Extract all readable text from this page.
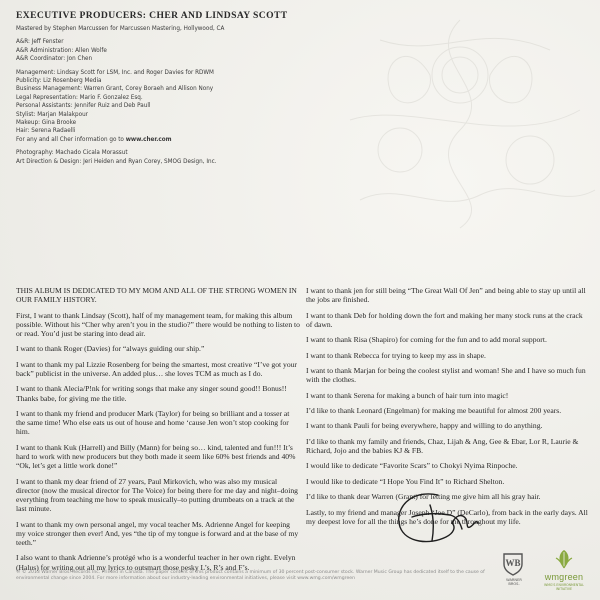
EXECUTIVE PRODUCERS: CHER AND LINDSAY SCOTT
Mastered by Stephen Marcussen for Marcussen Mastering, Hollywood, CA
A&R: Jeff Fenster
A&R Administration: Allen Wolfe
A&R Coordinator: Jon Chen
Management: Lindsay Scott for LSM, Inc. and Roger Davies for RDWM
Publicity: Liz Rosenberg Media
Business Management: Warren Grant, Corey Boraeh and Allison Nony
Legal Representation: Mario F. Gonzalez Esq.
Personal Assistants: Jennifer Ruiz and Deb Paull
Stylist: Marjan Malakpour
Makeup: Gina Brooke
Hair: Serena Radaelli
For any and all Cher information go to www.cher.com
Photography: Machado Cicala Morassut
Art Direction & Design: Jeri Heiden and Ryan Corey, SMOG Design, Inc.

THIS ALBUM IS DEDICATED TO MY MOM AND ALL OF THE STRONG WOMEN IN OUR FAMILY HISTORY.

First, I want to thank Lindsay (Scott), half of my management team, for making this album possible. Without his “Cher why aren’t you in the studio?” there would be nothing to listen to or read. You’d just be staring into dead air.

I want to thank Roger (Davies) for “always guiding our ship.”

I want to thank my pal Lizzie Rosenberg for being the smartest, most creative “I’ve got your back” publicist in the universe. An added plus… she loves TCM as much as I do.

I want to thank Alecia/P!nk for writing songs that make any singer sound good!! Bonus!! Thanks babe, for giving me the title.

I want to thank my friend and producer Mark (Taylor) for being so brilliant and a tosser at the same time! Who else eats us out of house and home ‘cause Jen won’t stop cooking for him.

I want to thank Kuk (Harrell) and Billy (Mann) for being so… kind, talented and fun!!! It’s hard to work with new producers but they both made it seem like 60% best friends and 40% “Ok, let’s get a little work done!”

I want to thank my dear friend of 27 years, Paul Mirkovich, who was also my musical director (now the musical director for The Voice) for being there for me day and night–doing everything from teaching me how to speak musically–to putting drumbeats on a track at the last minute.

I want to thank my own personal angel, my vocal teacher Ms. Adrienne Angel for keeping my voice stronger then ever! And, yes “the tip of my tongue is forward and at the base of my teeth.”

I also want to thank Adrienne’s protégé who is a wonderful teacher in her own right. Evelyn (Halus) for writing out all my lyrics to outsmart those pesky L’s, R’s and F’s.

I want to thank jen for still being “The Great Wall Of Jen” and being able to stay up until all the jobs are finished.

I want to thank Deb for holding down the fort and making her many stock runs at the crack of dawn.

I want to thank Risa (Shapiro) for coming for the fun and to add moral support.

I want to thank Rebecca for trying to keep my ass in shape.

I want to thank Marjan for being the coolest stylist and woman! She and I have so much fun with the clothes.

I want to thank Serena for making a bunch of hair turn into magic!

I’d like to thank Leonard (Engelman) for making me beautiful for almost 200 years.

I want to thank Pauli for being everywhere, happy and willing to do anything.

I’d like to thank my family and friends, Chaz, Lijah & Ang, Gee & Ebar, Lor R, Laurie & Richard, Jojo and the babies KJ & FB.

I would like to dedicate “Favorite Scars” to Chokyi Nyima Rinpoche.

I would like to dedicate “I Hope You Find It” to Richard Shelton.

I’d like to thank dear Warren (Grant) for letting me give him all his gray hair.

Lastly, to my friend and manager Joseph “Joe D” (DeCarlo), from back in the early days. All my deepest love for all the things he’s done for me throughout my life.

℗ © 2013 Warner Bros. Records Inc. Printed in Canada. The paper content of this product contains a minimum of 30 percent post-consumer stock. Warner Music Group has dedicated itself to the cause of environmental change since 2004. For more information about our industry-leading environmental initiatives, please visit www.wmg.com/wmgreen
WB
WARNER BROS.
wmgreen
WMG'S ENVIRONMENTAL INITIATIVE
